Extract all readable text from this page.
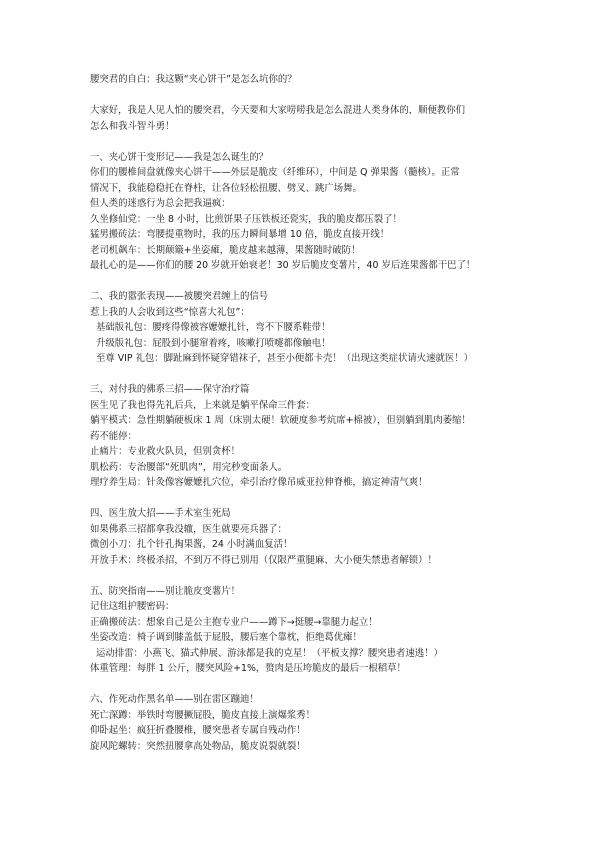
腰突君的自白：我这颗“夹心饼干”是怎么坑你的？
大家好，我是人见人怕的腰突君，今天要和大家唠唠我是怎么混进人类身体的，顺便教你们
怎么和我斗智斗勇！
一、夹心饼干变形记——我是怎么诞生的？
你们的腰椎间盘就像夹心饼干——外层是脆皮（纤维环），中间是 Q 弹果酱（髓核）。正常
情况下，我能稳稳托在脊柱，让各位轻松扭腰、劈叉、跳广场舞。
但人类的迷惑行为总会把我逼疯：
久坐修仙党：一坐 8 小时，比煎饼果子压铁板还瓷实，我的脆皮都压裂了！
猛男搬砖法：弯腰提重物时，我的压力瞬间暴增 10 倍，脆皮直接开线！
老司机飙车：长期颠簸+坐姿瘫，脆皮越来越薄，果酱随时破防！
最扎心的是——你们的腰 20 岁就开始衰老！30 岁后脆皮变薯片，40 岁后连果酱都干巴了！
二、我的嚣张表现——被腰突君缠上的信号
惹上我的人会收到这些“惊喜大礼包”：
基础版礼包：腰疼得像被容嬷嬷扎针，弯不下腰系鞋带！
升级版礼包：屁股到小腿窜着疼，咳嗽打喷嚏都像触电！
至尊 VIP 礼包：脚趾麻到怀疑穿错袜子，甚至小便都卡壳！（出现这类症状请火速就医！）
三、对付我的佛系三招——保守治疗篇
医生见了我也得先礼后兵，上来就是躺平保命三件套：
躺平模式：急性期躺硬板床 1 周（床别太硬！软硬度参考炕席+棉被），但别躺到肌肉萎缩！
药不能停：
止痛片：专业救火队员，但别贪杯！
肌松药：专治腰部“死肌肉”，用完秒变面条人。
理疗养生局：针灸像容嬷嬷扎穴位，牵引治疗像吊威亚拉伸脊椎，搞定神清气爽！
四、医生放大招——手术室生死局
如果佛系三招都拿我没辙，医生就要亮兵器了：
微创小刀：扎个针孔掏果酱，24 小时满血复活！
开放手术：终极杀招，不到万不得已别用（仅限严重腿麻、大小便失禁患者解锁）！
五、防突指南——别让脆皮变薯片！
记住这组护腰密码：
正确搬砖法：想象自己是公主抱专业户——蹲下→挺腰→靠腿力起立！
坐姿改造：椅子调到膝盖低于屁股，腰后塞个靠枕，拒绝葛优瘫！
运动排雷：小燕飞、猫式伸展、游泳都是我的克星！（平板支撑？腰突患者速逃！）
体重管理：每胖 1 公斤，腰突风险+1%，赘肉是压垮脆皮的最后一根稻草！
六、作死动作黑名单——别在雷区蹦迪！
死亡深蹲：举铁时弯腰撅屁股，脆皮直接上演爆浆秀！
仰卧起坐：疯狂折叠腰椎，腰突患者专属自残动作！
旋风陀螺转：突然扭腰拿高处物品，脆皮说裂就裂！
